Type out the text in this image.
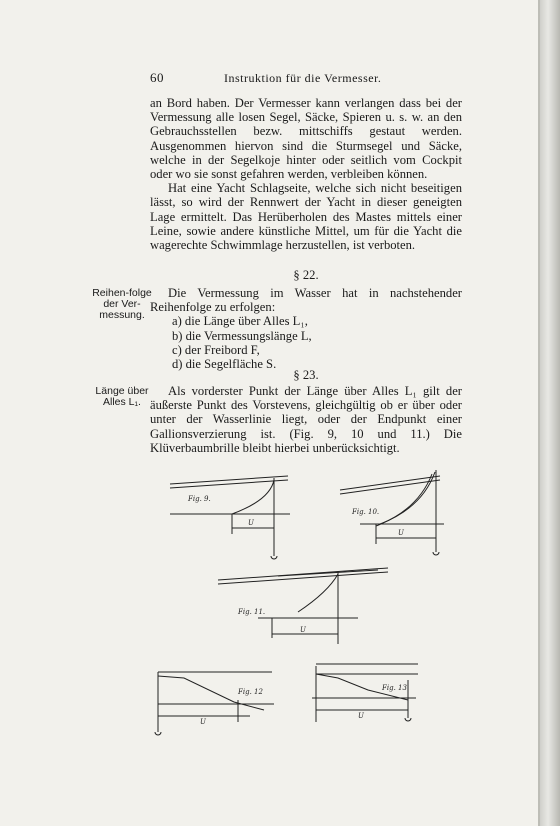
60	Instruktion für die Vermesser.

an Bord haben. Der Vermesser kann verlangen dass bei der Vermessung alle losen Segel, Säcke, Spieren u. s. w. an den Gebrauchsstellen bezw. mittschiffs gestaut werden. Ausgenommen hiervon sind die Sturmsegel und Säcke, welche in der Segelkoje hinter oder seitlich vom Cockpit oder wo sie sonst gefahren werden, verbleiben können.

Hat eine Yacht Schlagseite, welche sich nicht beseitigen lässt, so wird der Rennwert der Yacht in dieser geneigten Lage ermittelt. Das Herüberholen des Mastes mittels einer Leine, sowie andere künstliche Mittel, um für die Yacht die wagerechte Schwimmlage herzustellen, ist verboten.

§ 22.
Reihen-folge der Ver-messung.

Die Vermessung im Wasser hat in nachstehender Reihenfolge zu erfolgen:

a) die Länge über Alles L₁,
b) die Vermessungslänge L,
c) der Freibord F,
d) die Segelfläche S.
§ 23.
Länge über Alles L₁.

Als vorderster Punkt der Länge über Alles L₁ gilt der äußerste Punkt des Vorstevens, gleichgültig ob er über oder unter der Wasserlinie liegt, oder der Endpunkt einer Gallionsverzierung ist. (Fig. 9, 10 und 11.) Die Klüverbaumbrille bleibt hierbei unberücksichtigt.

Fig. 9.
U
Fig. 10.
U
Fig. 11.
U
Fig. 12
U
Fig. 13.
U
